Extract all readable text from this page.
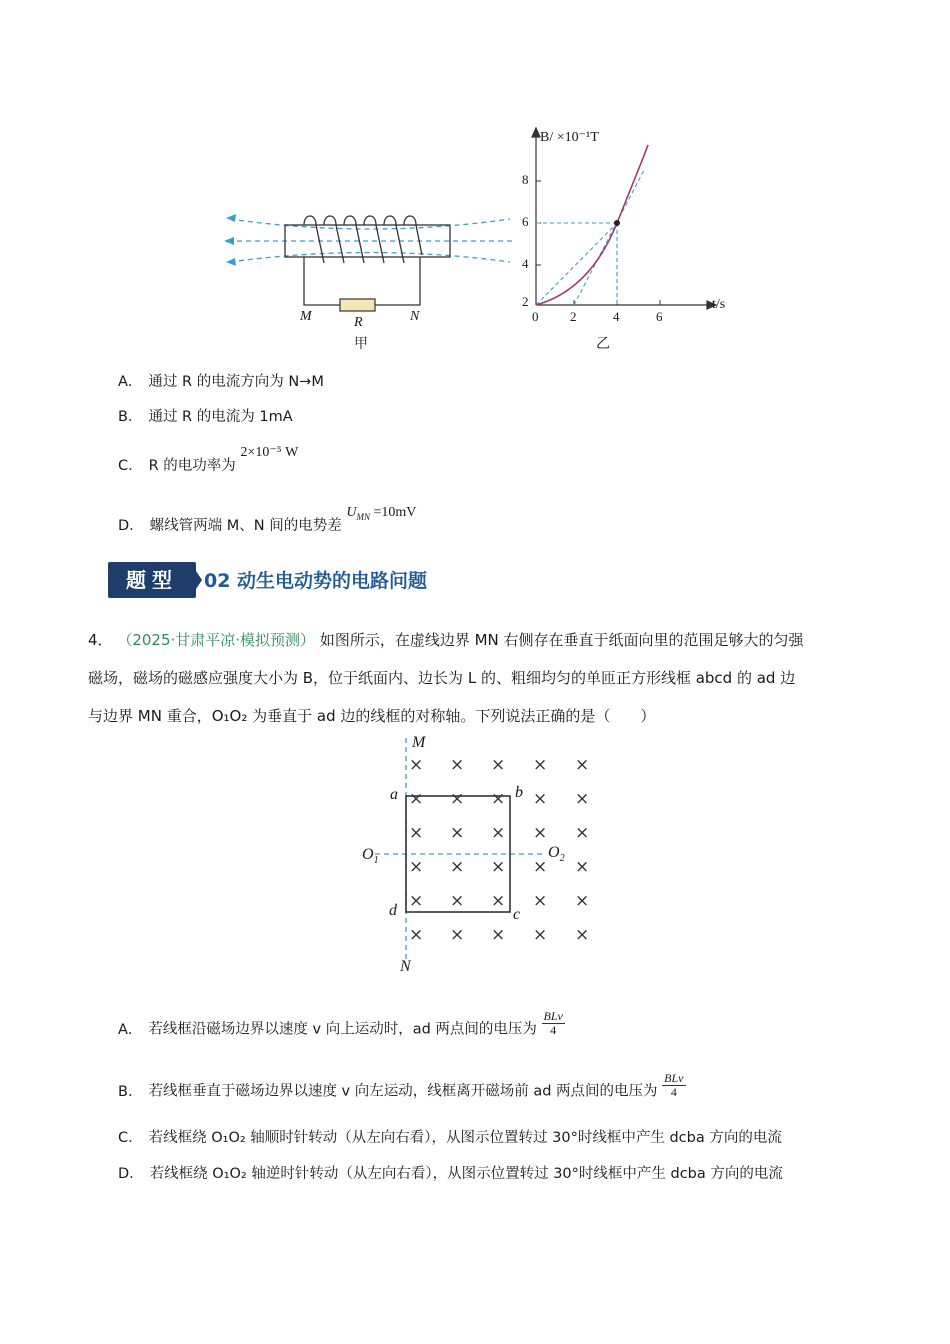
M	R	N
甲
B/ ×10⁻¹T
t/s
8
6
4
2
0 2	4	6
乙
A． 通过 R 的电流方向为 N→M
B． 通过 R 的电流为 1mA
C． R 的电功率为 2×10⁻⁵ W
D． 螺线管两端 M、N 间的电势差 $U_{MN} =10mV$
题型	02 动生电动势的电路问题
4． （2025·甘肃平凉·模拟预测） 如图所示，在虚线边界 MN 右侧存在垂直于纸面向里的范围足够大的匀强
磁场，磁场的磁感应强度大小为 B，位于纸面内、边长为 L 的、粗细均匀的单匝正方形线框 abcd 的 ad 边
与边界 MN 重合，O₁O₂ 为垂直于 ad 边的线框的对称轴。下列说法正确的是（　　）
M
N
a	b
c
d
$O_1$	$O_2$
× × × × ×
× × × × ×
× × × × ×
× × × × ×
× × × × ×
× × × × ×
A． 若线框沿磁场边界以速度 v 向上运动时，ad 两点间的电压为 $\frac{\text{BLv}}{4}$
B． 若线框垂直于磁场边界以速度 v 向左运动，线框离开磁场前 ad 两点间的电压为 $\frac{\text{BLv}}{4}$
C． 若线框绕 O₁O₂ 轴顺时针转动（从左向右看），从图示位置转过 30°时线框中产生 dcba 方向的电流
D． 若线框绕 O₁O₂ 轴逆时针转动（从左向右看），从图示位置转过 30°时线框中产生 dcba 方向的电流
